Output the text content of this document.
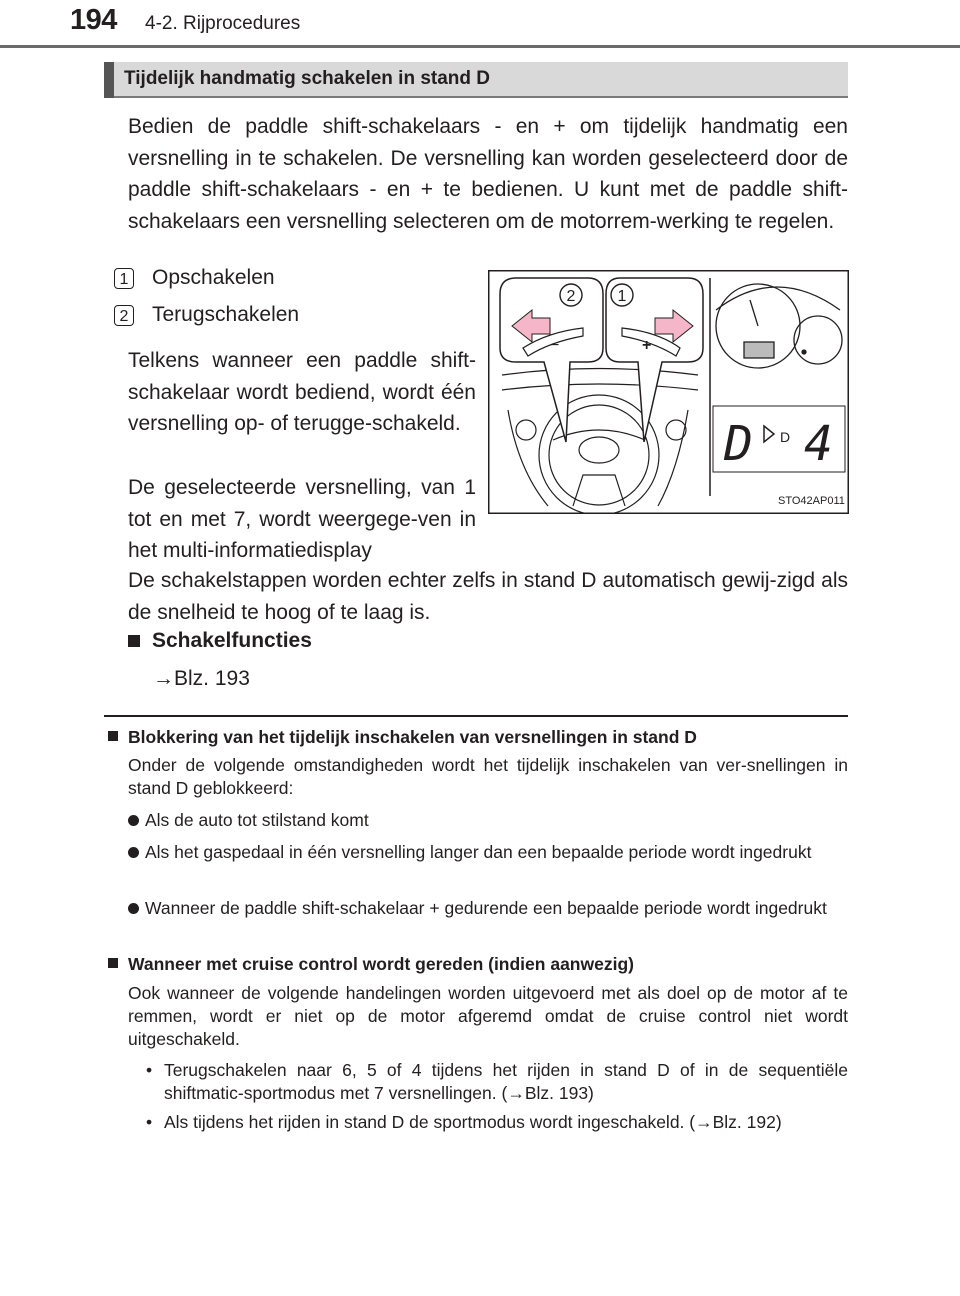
194 4-2. Rijprocedures
Tijdelijk handmatig schakelen in stand D
Bedien de paddle shift-schakelaars - en + om tijdelijk handmatig een versnelling in te schakelen. De versnelling kan worden geselecteerd door de paddle shift-schakelaars - en + te bedienen. U kunt met de paddle shift-schakelaars een versnelling selecteren om de motorrem-werking te regelen.
1 Opschakelen
2 Terugschakelen
Telkens wanneer een paddle shift-schakelaar wordt bediend, wordt één versnelling op- of terugge-schakeld.
De geselecteerde versnelling, van 1 tot en met 7, wordt weergege-ven in het multi-informatiedisplay
De schakelstappen worden echter zelfs in stand D automatisch gewij-zigd als de snelheid te hoog of te laag is.
Schakelfuncties
→Blz. 193
−	+
2	1
D D 4
STO42AP011
Blokkering van het tijdelijk inschakelen van versnellingen in stand D
Onder de volgende omstandigheden wordt het tijdelijk inschakelen van ver-snellingen in stand D geblokkeerd:
Als de auto tot stilstand komt
Als het gaspedaal in één versnelling langer dan een bepaalde periode wordt ingedrukt
Wanneer de paddle shift-schakelaar + gedurende een bepaalde periode wordt ingedrukt
Wanneer met cruise control wordt gereden (indien aanwezig)
Ook wanneer de volgende handelingen worden uitgevoerd met als doel op de motor af te remmen, wordt er niet op de motor afgeremd omdat de cruise control niet wordt uitgeschakeld.
• Terugschakelen naar 6, 5 of 4 tijdens het rijden in stand D of in de sequentiële shiftmatic-sportmodus met 7 versnellingen. (→Blz. 193)
• Als tijdens het rijden in stand D de sportmodus wordt ingeschakeld. (→Blz. 192)
